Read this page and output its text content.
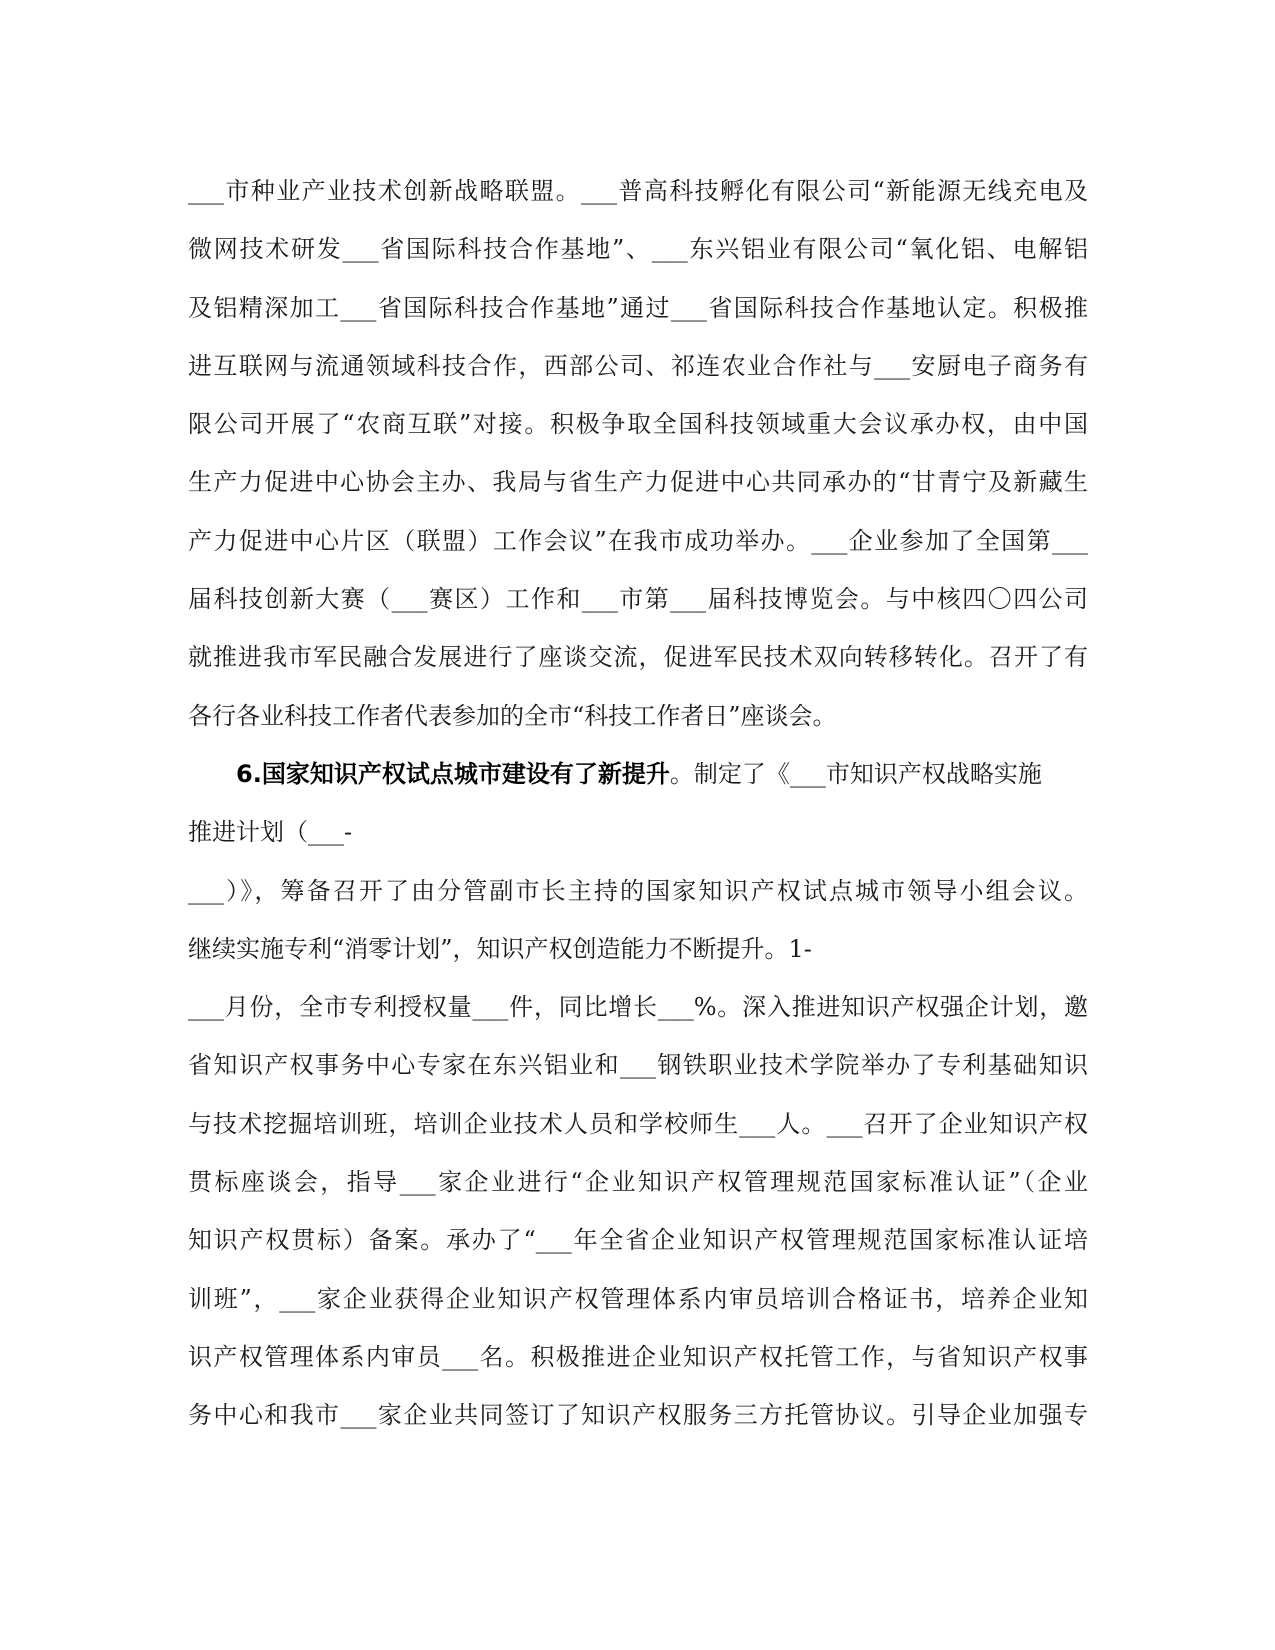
___市种业产业技术创新战略联盟。___普高科技孵化有限公司“新能源无线充电及
微网技术研发___省国际科技合作基地”、___东兴铝业有限公司“氧化铝、电解铝
及铝精深加工___省国际科技合作基地”通过___省国际科技合作基地认定。积极推
进互联网与流通领域科技合作，西部公司、祁连农业合作社与___安厨电子商务有
限公司开展了“农商互联”对接。积极争取全国科技领域重大会议承办权，由中国
生产力促进中心协会主办、我局与省生产力促进中心共同承办的“甘青宁及新藏生
产力促进中心片区（联盟）工作会议”在我市成功举办。___企业参加了全国第___
届科技创新大赛（___赛区）工作和___市第___届科技博览会。与中核四〇四公司
就推进我市军民融合发展进行了座谈交流，促进军民技术双向转移转化。召开了有
各行各业科技工作者代表参加的全市“科技工作者日”座谈会。
6.国家知识产权试点城市建设有了新提升。制定了《___市知识产权战略实施
推进计划（___-
___）》，筹备召开了由分管副市长主持的国家知识产权试点城市领导小组会议。
继续实施专利“消零计划”，知识产权创造能力不断提升。1-
___月份，全市专利授权量___件，同比增长___%。深入推进知识产权强企计划，邀
省知识产权事务中心专家在东兴铝业和___钢铁职业技术学院举办了专利基础知识
与技术挖掘培训班，培训企业技术人员和学校师生___人。___召开了企业知识产权
贯标座谈会，指导___家企业进行“企业知识产权管理规范国家标准认证”（企业
知识产权贯标）备案。承办了“___年全省企业知识产权管理规范国家标准认证培
训班”，___家企业获得企业知识产权管理体系内审员培训合格证书，培养企业知
识产权管理体系内审员___名。积极推进企业知识产权托管工作，与省知识产权事
务中心和我市___家企业共同签订了知识产权服务三方托管协议。引导企业加强专
